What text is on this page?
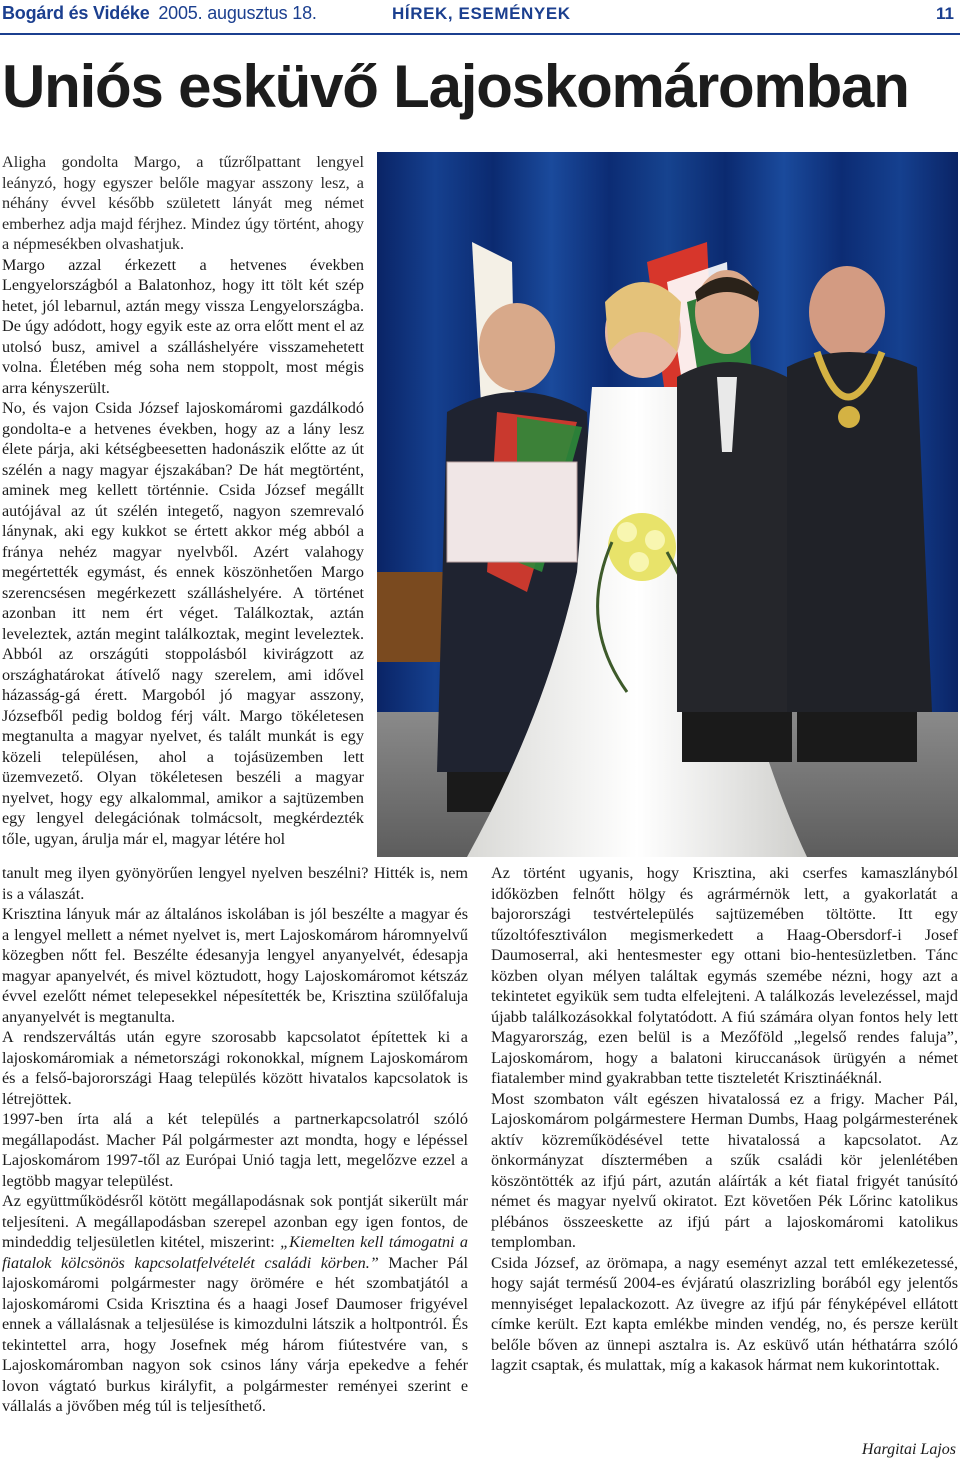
Bogárd és Vidéke 2005. augusztus 18.	HÍREK, ESEMÉNYEK	11
Uniós esküvő Lajoskomáromban

Aligha gondolta Margo, a tűzrőlpattant lengyel leányzó, hogy egyszer belőle magyar asszony lesz, a néhány évvel később született lányát meg német emberhez adja majd férjhez. Mindez úgy történt, ahogy a népmesékben olvashatjuk.

Margo azzal érkezett a hetvenes években Lengyelországból a Balatonhoz, hogy itt tölt két szép hetet, jól lebarnul, aztán megy vissza Lengyelországba. De úgy adódott, hogy egyik este az orra előtt ment el az utolsó busz, amivel a szálláshelyére visszamehetett volna. Életében még soha nem stoppolt, most mégis arra kényszerült.

No, és vajon Csida József lajoskomáromi gazdálkodó gondolta-e a hetvenes években, hogy az a lány lesz élete párja, aki kétségbeesetten hadonászik előtte az út szélén a nagy magyar éjszakában? De hát megtörtént, aminek meg kellett történnie. Csida József megállt autójával az út szélén integető, nagyon szemrevaló lánynak, aki egy kukkot se értett akkor még abból a fránya nehéz magyar nyelvből. Azért valahogy megértették egymást, és ennek köszönhetően Margo szerencsésen megérkezett szálláshelyére. A történet azonban itt nem ért véget. Találkoztak, aztán leveleztek, aztán megint találkoztak, megint leveleztek. Abból az országúti stoppolásból kivirágzott az országhatárokat átívelő nagy szerelem, ami idővel házasság-gá érett. Margoból jó magyar asszony, Józsefből pedig boldog férj vált. Margo tökéletesen megtanulta a magyar nyelvet, és talált munkát is egy közeli településen, ahol a tojásüzemben lett üzemvezető. Olyan tökéletesen beszéli a magyar nyelvet, hogy egy alkalommal, amikor a sajtüzemben egy lengyel delegációnak tolmácsolt, megkérdezték tőle, ugyan, árulja már el, magyar létére hol

tanult meg ilyen gyönyörűen lengyel nyelven beszélni? Hitték is, nem is a válaszát.

Krisztina lányuk már az általános iskolában is jól beszélte a magyar és a lengyel mellett a német nyelvet is, mert Lajoskomárom háromnyelvű közegben nőtt fel. Beszélte édesanyja lengyel anyanyelvét, édesapja magyar apanyelvét, és mivel köztudott, hogy Lajoskomáromot kétszáz évvel ezelőtt német telepesekkel népesítették be, Krisztina szülőfaluja anyanyelvét is megtanulta.

A rendszerváltás után egyre szorosabb kapcsolatot építettek ki a lajoskomáromiak a németországi rokonokkal, mígnem Lajoskomárom és a felső-bajorországi Haag település között hivatalos kapcsolatok is létrejöttek.

1997-ben írta alá a két település a partnerkapcsolatról szóló megállapodást. Macher Pál polgármester azt mondta, hogy e lépéssel Lajoskomárom 1997-től az Európai Unió tagja lett, megelőzve ezzel a legtöbb magyar települést.

Az együttműködésről kötött megállapodásnak sok pontját sikerült már teljesíteni. A megállapodásban szerepel azonban egy igen fontos, de mindeddig teljesületlen kitétel, miszerint: „Kiemelten kell támogatni a fiatalok kölcsönös kapcsolatfelvételét családi körben.” Macher Pál lajoskomáromi polgármester nagy örömére e hét szombatjától a lajoskomáromi Csida Krisztina és a haagi Josef Daumoser frigyével ennek a vállalásnak a teljesülése is kimozdulni látszik a holtpontról. És tekintettel arra, hogy Josefnek még három fiútestvére van, s Lajoskomáromban nagyon sok csinos lány várja epekedve a fehér lovon vágtató burkus királyfit, a polgármester reményei szerint e vállalás a jövőben még túl is teljesíthető.

Az történt ugyanis, hogy Krisztina, aki cserfes kamaszlányból időközben felnőtt hölgy és agrármérnök lett, a gyakorlatát a bajorországi testvértelepülés sajtüzemében töltötte. Itt egy tűzoltófesztiválon megismerkedett a Haag-Obersdorf-i Josef Daumoserral, aki hentesmester egy ottani bio-hentesüzletben. Tánc közben olyan mélyen találtak egymás szemébe nézni, hogy azt a tekintetet egyikük sem tudta elfelejteni. A találkozás levelezéssel, majd újabb találkozásokkal folytatódott. A fiú számára olyan fontos hely lett Magyarország, ezen belül is a Mezőföld „legelső rendes faluja”, Lajoskomárom, hogy a balatoni kiruccanások ürügyén a német fiatalember mind gyakrabban tette tiszteletét Krisztináéknál.

Most szombaton vált egészen hivatalossá ez a frigy. Macher Pál, Lajoskomárom polgármestere Herman Dumbs, Haag polgármesterének aktív közreműködésével tette hivatalossá a kapcsolatot. Az önkormányzat dísztermében a szűk családi kör jelenlétében köszöntötték az ifjú párt, azután aláírták a két fiatal frigyét tanúsító német és magyar nyelvű okiratot. Ezt követően Pék Lőrinc katolikus plébános összeeskette az ifjú párt a lajoskomáromi katolikus templomban.

Csida József, az örömapa, a nagy eseményt azzal tett emlékezetessé, hogy saját termésű 2004-es évjáratú olaszrizling borából egy jelentős mennyiséget lepalackozott. Az üvegre az ifjú pár fényképével ellátott címke került. Ezt kapta emlékbe minden vendég, no, és persze került belőle bőven az ünnepi asztalra is. Az esküvő után héthatárra szóló lagzit csaptak, és mulattak, míg a kakasok hármat nem kukorintottak.

Hargitai Lajos
